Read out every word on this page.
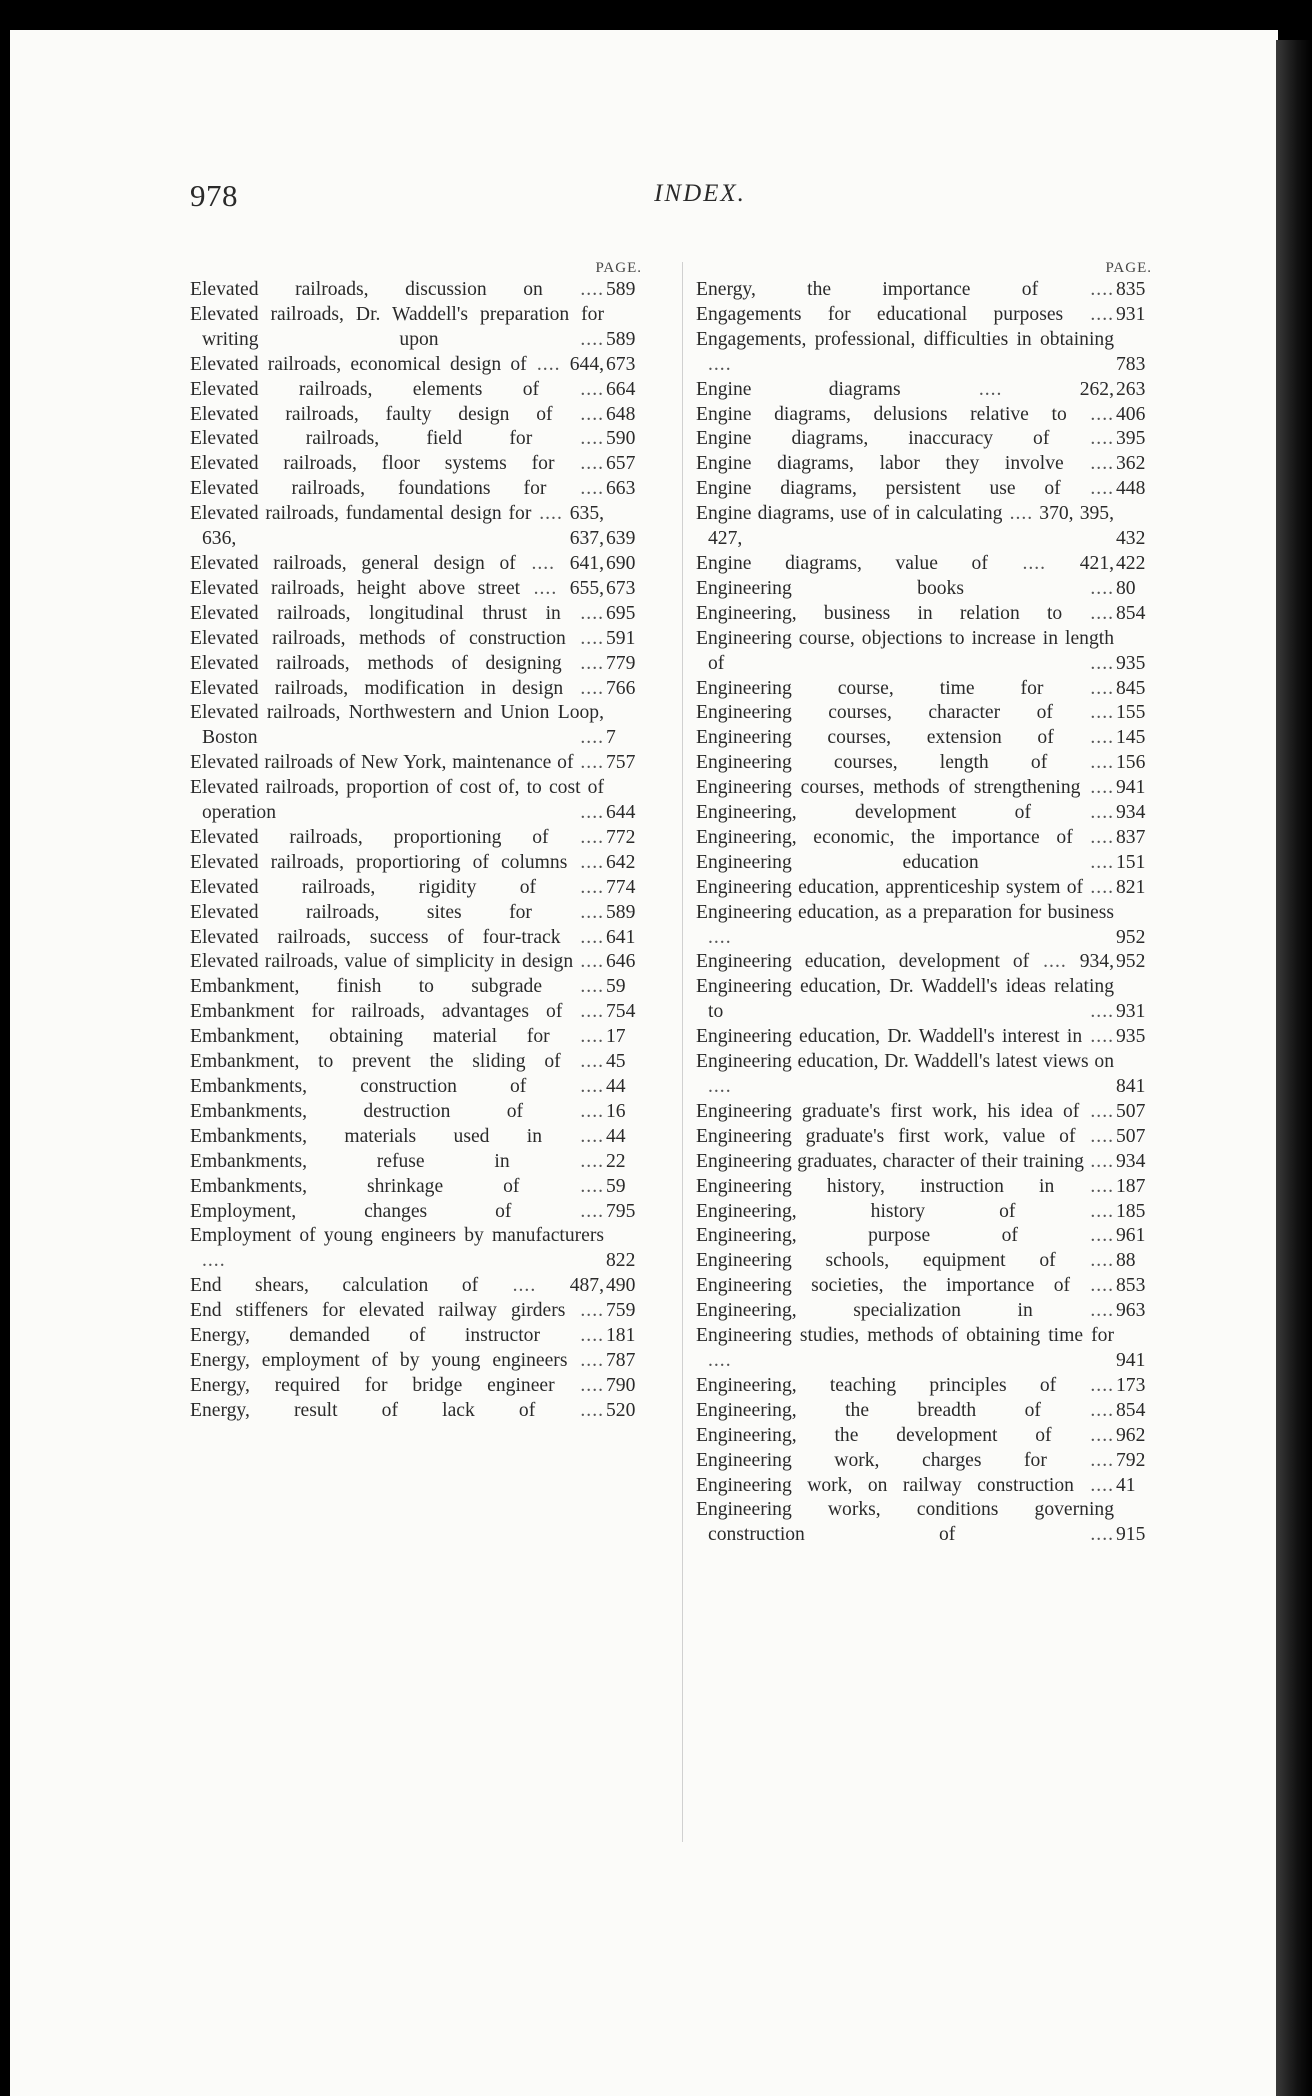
978	INDEX.
PAGE.
Elevated railroads, discussion on .... 589
Elevated railroads, Dr. Waddell's preparation for writing upon .... 589
Elevated railroads, economical design of .... 644, 673
Elevated railroads, elements of .... 664
Elevated railroads, faulty design of .... 648
Elevated railroads, field for .... 590
Elevated railroads, floor systems for .... 657
Elevated railroads, foundations for .... 663
Elevated railroads, fundamental design for .... 635, 636, 637, 639
Elevated railroads, general design of .... 641, 690
Elevated railroads, height above street .... 655, 673
Elevated railroads, longitudinal thrust in .... 695
Elevated railroads, methods of construction .... 591
Elevated railroads, methods of designing .... 779
Elevated railroads, modification in design .... 766
Elevated railroads, Northwestern and Union Loop, Boston .... 7
Elevated railroads of New York, maintenance of .... 757
Elevated railroads, proportion of cost of, to cost of operation .... 644
Elevated railroads, proportioning of .... 772
Elevated railroads, proportioring of columns .... 642
Elevated railroads, rigidity of .... 774
Elevated railroads, sites for .... 589
Elevated railroads, success of four-track .... 641
Elevated railroads, value of simplicity in design .... 646
Embankment, finish to subgrade .... 59
Embankment for railroads, advantages of .... 754
Embankment, obtaining material for .... 17
Embankment, to prevent the sliding of .... 45
Embankments, construction of .... 44
Embankments, destruction of .... 16
Embankments, materials used in .... 44
Embankments, refuse in .... 22
Embankments, shrinkage of .... 59
Employment, changes of .... 795
Employment of young engineers by manufacturers ....	822
End shears, calculation of .... 487, 490
End stiffeners for elevated railway girders .... 759
Energy, demanded of instructor .... 181
Energy, employment of by young engineers .... 787
Energy, required for bridge engineer .... 790
Energy, result of lack of .... 520
PAGE.
Energy, the importance of .... 835
Engagements for educational purposes .... 931
Engagements, professional, difficulties in obtaining ....	783
Engine diagrams .... 262, 263
Engine diagrams, delusions relative to .... 406
Engine diagrams, inaccuracy of .... 395
Engine diagrams, labor they involve .... 362
Engine diagrams, persistent use of .... 448
Engine diagrams, use of in calculating .... 370, 395, 427,	432
Engine diagrams, value of .... 421, 422
Engineering books .... 80
Engineering, business in relation to .... 854
Engineering course, objections to increase in length of .... 935
Engineering course, time for .... 845
Engineering courses, character of .... 155
Engineering courses, extension of .... 145
Engineering courses, length of .... 156
Engineering courses, methods of strengthening .... 941
Engineering, development of .... 934
Engineering, economic, the importance of .... 837
Engineering education .... 151
Engineering education, apprenticeship system of .... 821
Engineering education, as a preparation for business ....	952
Engineering education, development of .... 934, 952
Engineering education, Dr. Waddell's ideas relating to .... 931
Engineering education, Dr. Waddell's interest in .... 935
Engineering education, Dr. Waddell's latest views on ....	841
Engineering graduate's first work, his idea of .... 507
Engineering graduate's first work, value of .... 507
Engineering graduates, character of their training .... 934
Engineering history, instruction in .... 187
Engineering, history of .... 185
Engineering, purpose of .... 961
Engineering schools, equipment of .... 88
Engineering societies, the importance of .... 853
Engineering, specialization in .... 963
Engineering studies, methods of obtaining time for ....	941
Engineering, teaching principles of .... 173
Engineering, the breadth of .... 854
Engineering, the development of .... 962
Engineering work, charges for .... 792
Engineering work, on railway construction .... 41
Engineering works, conditions governing construction of .... 915
